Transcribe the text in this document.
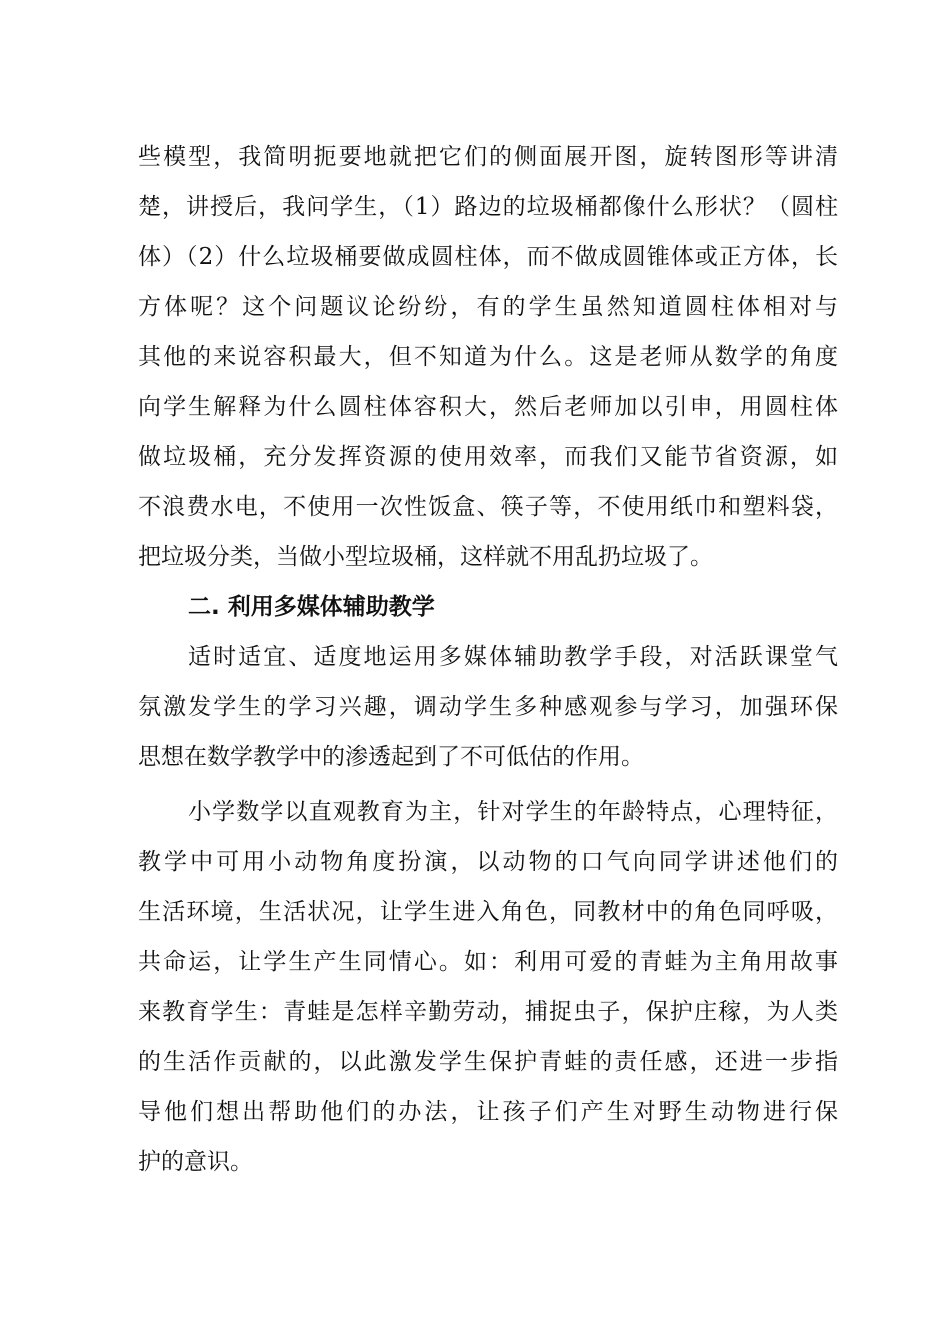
些模型，我简明扼要地就把它们的侧面展开图，旋转图形等讲清
楚，讲授后，我问学生，（1）路边的垃圾桶都像什么形状？（圆柱
体）（2）什么垃圾桶要做成圆柱体，而不做成圆锥体或正方体，长
方体呢？这个问题议论纷纷，有的学生虽然知道圆柱体相对与
其他的来说容积最大，但不知道为什么。这是老师从数学的角度
向学生解释为什么圆柱体容积大，然后老师加以引申，用圆柱体
做垃圾桶，充分发挥资源的使用效率，而我们又能节省资源，如
不浪费水电，不使用一次性饭盒、筷子等，不使用纸巾和塑料袋，
把垃圾分类，当做小型垃圾桶，这样就不用乱扔垃圾了。
二. 利用多媒体辅助教学
适时适宜、适度地运用多媒体辅助教学手段，对活跃课堂气
氛激发学生的学习兴趣，调动学生多种感观参与学习，加强环保
思想在数学教学中的渗透起到了不可低估的作用。
小学数学以直观教育为主，针对学生的年龄特点，心理特征，
教学中可用小动物角度扮演，以动物的口气向同学讲述他们的
生活环境，生活状况，让学生进入角色，同教材中的角色同呼吸，
共命运，让学生产生同情心。如：利用可爱的青蛙为主角用故事
来教育学生：青蛙是怎样辛勤劳动，捕捉虫子，保护庄稼，为人类
的生活作贡献的，以此激发学生保护青蛙的责任感，还进一步指
导他们想出帮助他们的办法，让孩子们产生对野生动物进行保
护的意识。
